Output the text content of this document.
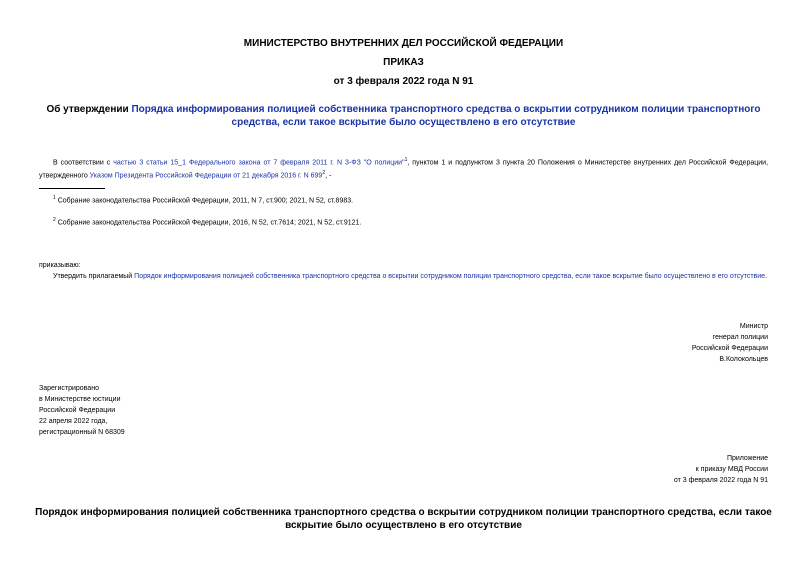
МИНИСТЕРСТВО ВНУТРЕННИХ ДЕЛ РОССИЙСКОЙ ФЕДЕРАЦИИ
ПРИКАЗ
от 3 февраля 2022 года N 91
Об утверждении Порядка информирования полицией собственника транспортного средства о вскрытии сотрудником полиции транспортного средства, если такое вскрытие было осуществлено в его отсутствие
В соответствии с частью 3 статьи 15_1 Федерального закона от 7 февраля 2011 г. N 3-ФЗ "О полиции"$^1$, пунктом 1 и подпунктом 3 пункта 20 Положения о Министерстве внутренних дел Российской Федерации, утвержденного Указом Президента Российской Федерации от 21 декабря 2016 г. N 699$^2$, -
$^1$ Собрание законодательства Российской Федерации, 2011, N 7, ст.900; 2021, N 52, ст.8983.
$^2$ Собрание законодательства Российской Федерации, 2016, N 52, ст.7614; 2021, N 52, ст.9121.
приказываю:
Утвердить прилагаемый Порядок информирования полицией собственника транспортного средства о вскрытии сотрудником полиции транспортного средства, если такое вскрытие было осуществлено в его отсутствие.
Министр
генерал полиции
Российской Федерации
В.Колокольцев
Зарегистрировано
в Министерстве юстиции
Российской Федерации
22 апреля 2022 года,
регистрационный N 68309
Приложение
к приказу МВД России
от 3 февраля 2022 года N 91
Порядок информирования полицией собственника транспортного средства о вскрытии сотрудником полиции транспортного средства, если такое вскрытие было осуществлено в его отсутствие
